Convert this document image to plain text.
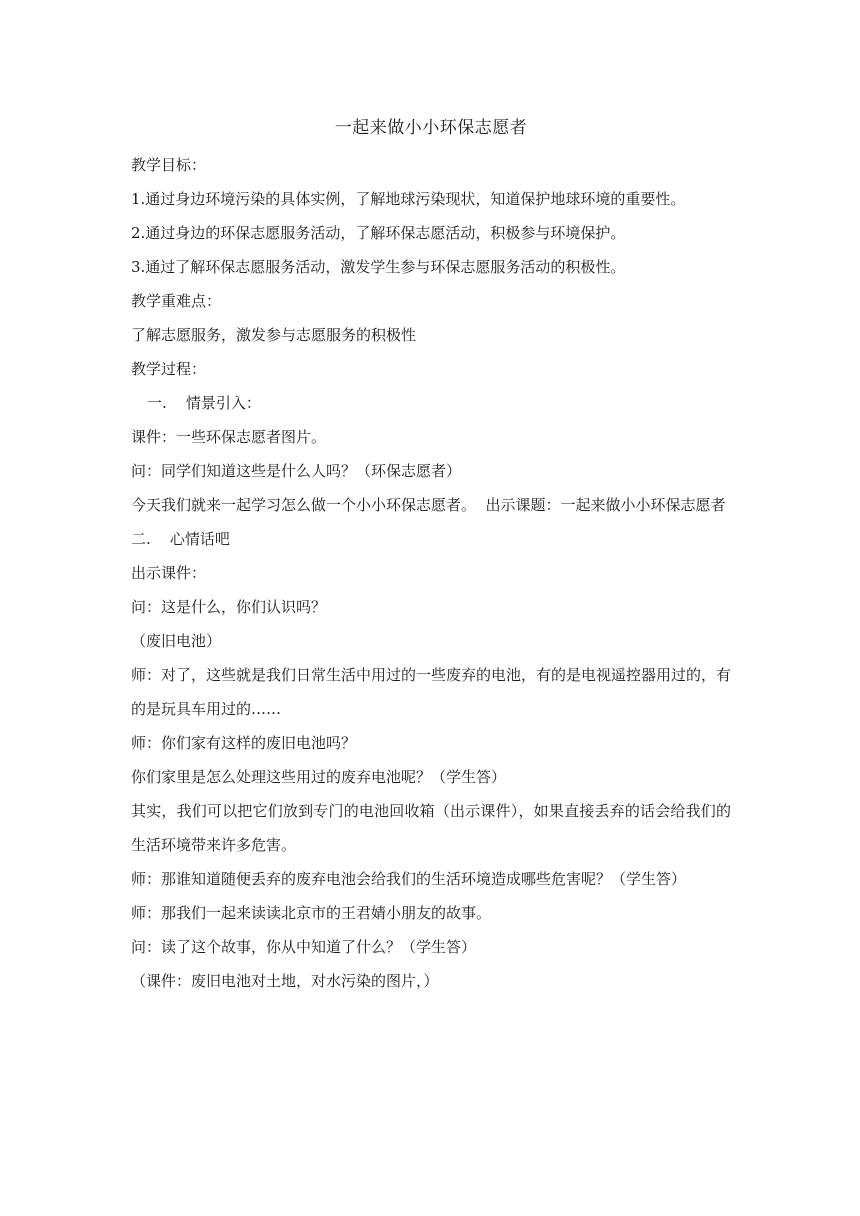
一起来做小小环保志愿者

教学目标：

1.通过身边环境污染的具体实例，了解地球污染现状，知道保护地球环境的重要性。

2.通过身边的环保志愿服务活动，了解环保志愿活动，积极参与环境保护。

3.通过了解环保志愿服务活动，激发学生参与环保志愿服务活动的积极性。

教学重难点：

了解志愿服务，激发参与志愿服务的积极性

教学过程：

一.    情景引入：

课件：一些环保志愿者图片。

问：同学们知道这些是什么人吗？（环保志愿者）

今天我们就来一起学习怎么做一个小小环保志愿者。  出示课题：一起来做小小环保志愿者

二.    心情话吧

出示课件：

问：这是什么，你们认识吗？

（废旧电池）

师：对了，这些就是我们日常生活中用过的一些废弃的电池，有的是电视遥控器用过的，有的是玩具车用过的……

师：你们家有这样的废旧电池吗？

你们家里是怎么处理这些用过的废弃电池呢？（学生答）

其实，我们可以把它们放到专门的电池回收箱（出示课件），如果直接丢弃的话会给我们的生活环境带来许多危害。

师：那谁知道随便丢弃的废弃电池会给我们的生活环境造成哪些危害呢？（学生答）

师：那我们一起来读读北京市的王君婧小朋友的故事。

问：读了这个故事，你从中知道了什么？（学生答）

（课件：废旧电池对土地，对水污染的图片，）
